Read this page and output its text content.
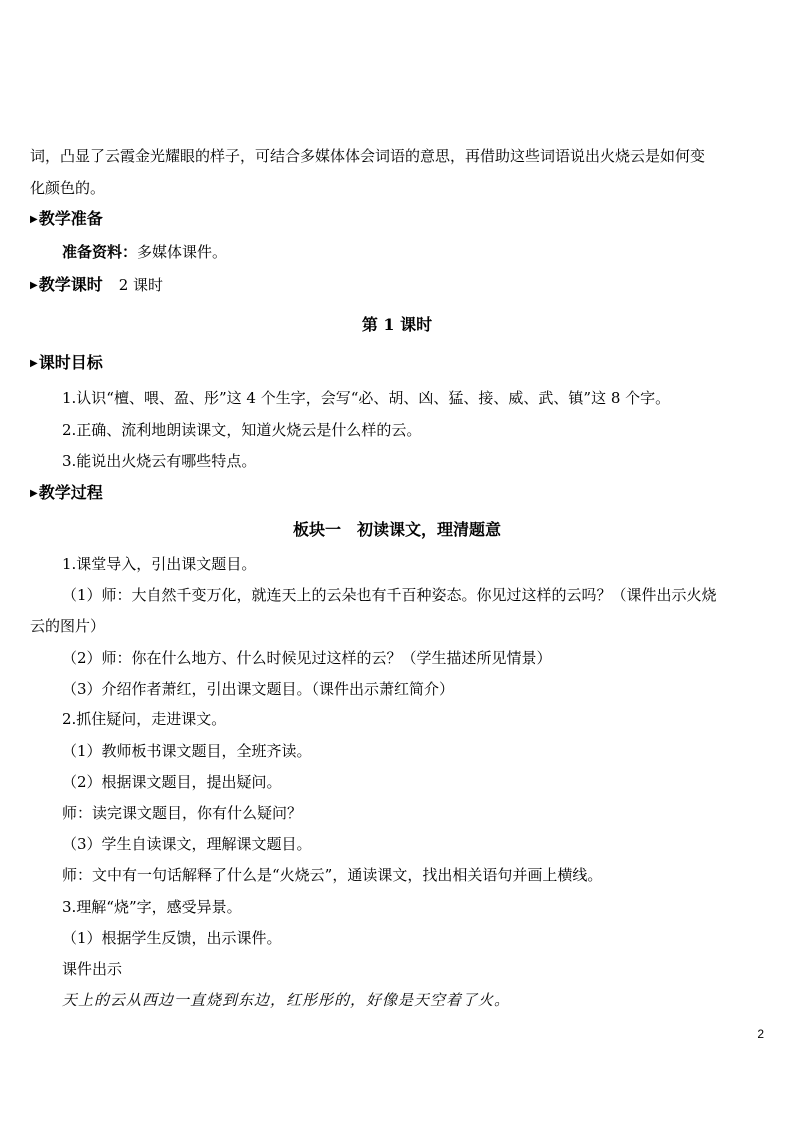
词，凸显了云霞金光耀眼的样子，可结合多媒体体会词语的意思，再借助这些词语说出火烧云是如何变
化颜色的。
▶教学准备
准备资料：多媒体课件。
▶教学课时 2 课时
第 1 课时
▶课时目标
1.认识“檀、喂、盈、彤”这 4 个生字，会写“必、胡、凶、猛、接、威、武、镇”这 8 个字。
2.正确、流利地朗读课文，知道火烧云是什么样的云。
3.能说出火烧云有哪些特点。
▶教学过程
板块一　初读课文，理清题意
1.课堂导入，引出课文题目。
（1）师：大自然千变万化，就连天上的云朵也有千百种姿态。你见过这样的云吗？（课件出示火烧
云的图片）
（2）师：你在什么地方、什么时候见过这样的云？（学生描述所见情景）
（3）介绍作者萧红，引出课文题目。（课件出示萧红简介）
2.抓住疑问，走进课文。
（1）教师板书课文题目，全班齐读。
（2）根据课文题目，提出疑问。
师：读完课文题目，你有什么疑问？
（3）学生自读课文，理解课文题目。
师：文中有一句话解释了什么是“火烧云”，通读课文，找出相关语句并画上横线。
3.理解“烧”字，感受异景。
（1）根据学生反馈，出示课件。
课件出示
天上的云从西边一直烧到东边，红彤彤的，好像是天空着了火。
2
